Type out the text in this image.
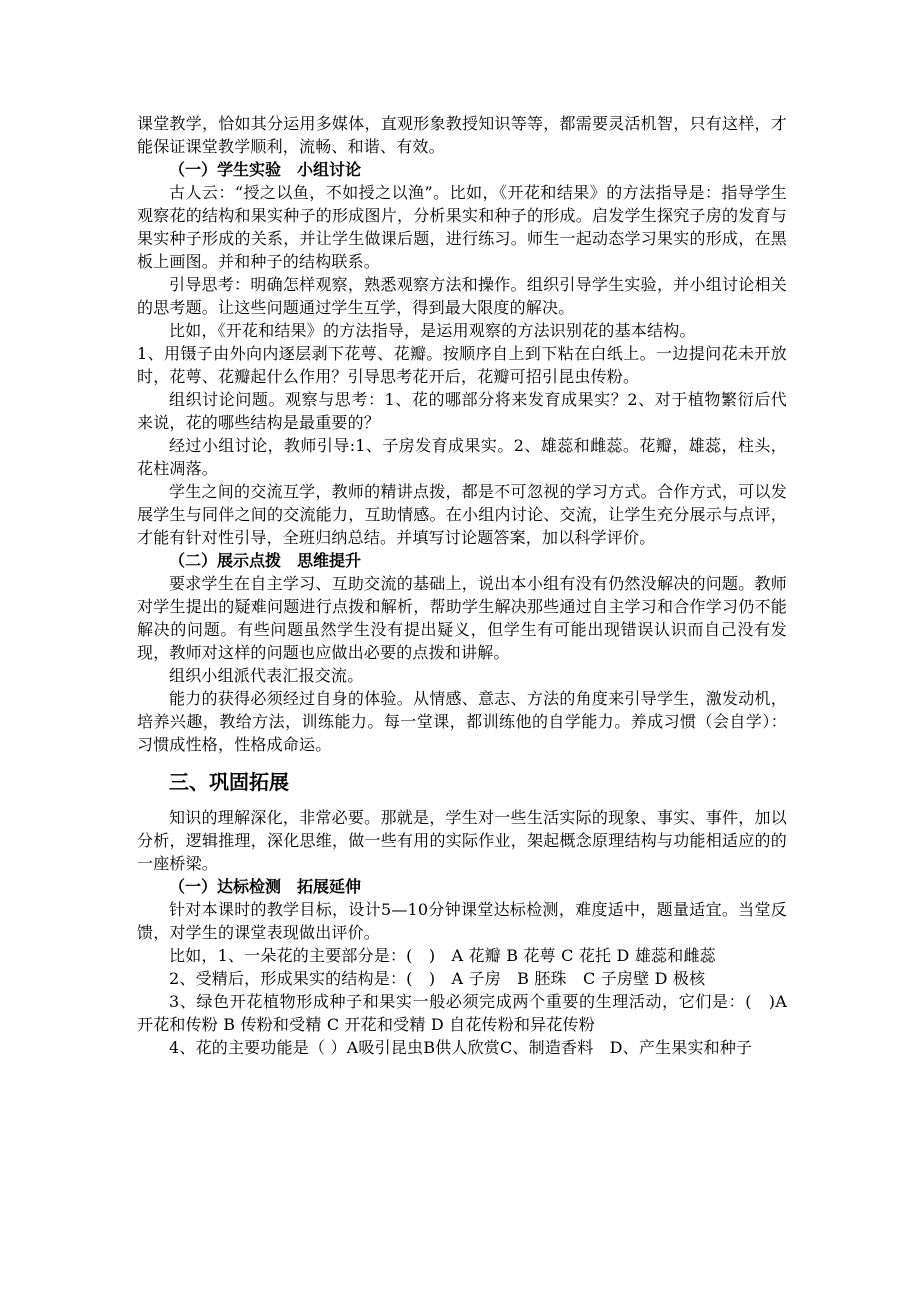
课堂教学，恰如其分运用多媒体，直观形象教授知识等等，都需要灵活机智，只有这样，才能保证课堂教学顺利，流畅、和谐、有效。

（一）学生实验　小组讨论

古人云：“授之以鱼，不如授之以渔”。比如，《开花和结果》的方法指导是：指导学生观察花的结构和果实种子的形成图片，分析果实和种子的形成。启发学生探究子房的发育与果实种子形成的关系，并让学生做课后题，进行练习。师生一起动态学习果实的形成，在黑板上画图。并和种子的结构联系。

引导思考：明确怎样观察，熟悉观察方法和操作。组织引导学生实验，并小组讨论相关的思考题。让这些问题通过学生互学，得到最大限度的解决。

比如，《开花和结果》的方法指导，是运用观察的方法识别花的基本结构。

1、用镊子由外向内逐层剥下花萼、花瓣。按顺序自上到下粘在白纸上。一边提问花未开放时，花萼、花瓣起什么作用？引导思考花开后，花瓣可招引昆虫传粉。

组织讨论问题。观察与思考：1、花的哪部分将来发育成果实？2、对于植物繁衍后代来说，花的哪些结构是最重要的？

经过小组讨论，教师引导:1、子房发育成果实。2、雄蕊和雌蕊。花瓣，雄蕊，柱头，花柱凋落。

学生之间的交流互学，教师的精讲点拨，都是不可忽视的学习方式。合作方式，可以发展学生与同伴之间的交流能力，互助情感。在小组内讨论、交流，让学生充分展示与点评，才能有针对性引导，全班归纳总结。并填写讨论题答案，加以科学评价。

（二）展示点拨　思维提升

要求学生在自主学习、互助交流的基础上，说出本小组有没有仍然没解决的问题。教师对学生提出的疑难问题进行点拨和解析，帮助学生解决那些通过自主学习和合作学习仍不能解决的问题。有些问题虽然学生没有提出疑义，但学生有可能出现错误认识而自己没有发现，教师对这样的问题也应做出必要的点拨和讲解。

组织小组派代表汇报交流。

能力的获得必须经过自身的体验。从情感、意志、方法的角度来引导学生，激发动机，培养兴趣，教给方法，训练能力。每一堂课，都训练他的自学能力。养成习惯（会自学）：习惯成性格，性格成命运。

三、巩固拓展

知识的理解深化，非常必要。那就是，学生对一些生活实际的现象、事实、事件，加以分析，逻辑推理，深化思维，做一些有用的实际作业，架起概念原理结构与功能相适应的的一座桥梁。

（一）达标检测　拓展延伸

针对本课时的教学目标，设计5—10分钟课堂达标检测，难度适中，题量适宜。当堂反馈，对学生的课堂表现做出评价。

比如，1、一朵花的主要部分是：(　)　A 花瓣 B 花萼 C 花托 D 雄蕊和雌蕊

2、受精后，形成果实的结构是：(　)　A 子房　B 胚珠　C 子房壁 D 极核

3、绿色开花植物形成种子和果实一般必须完成两个重要的生理活动，它们是：(　)A 开花和传粉 B 传粉和受精 C 开花和受精 D 自花传粉和异花传粉

4、花的主要功能是（ ）A吸引昆虫B供人欣赏C、制造香料　D、产生果实和种子
